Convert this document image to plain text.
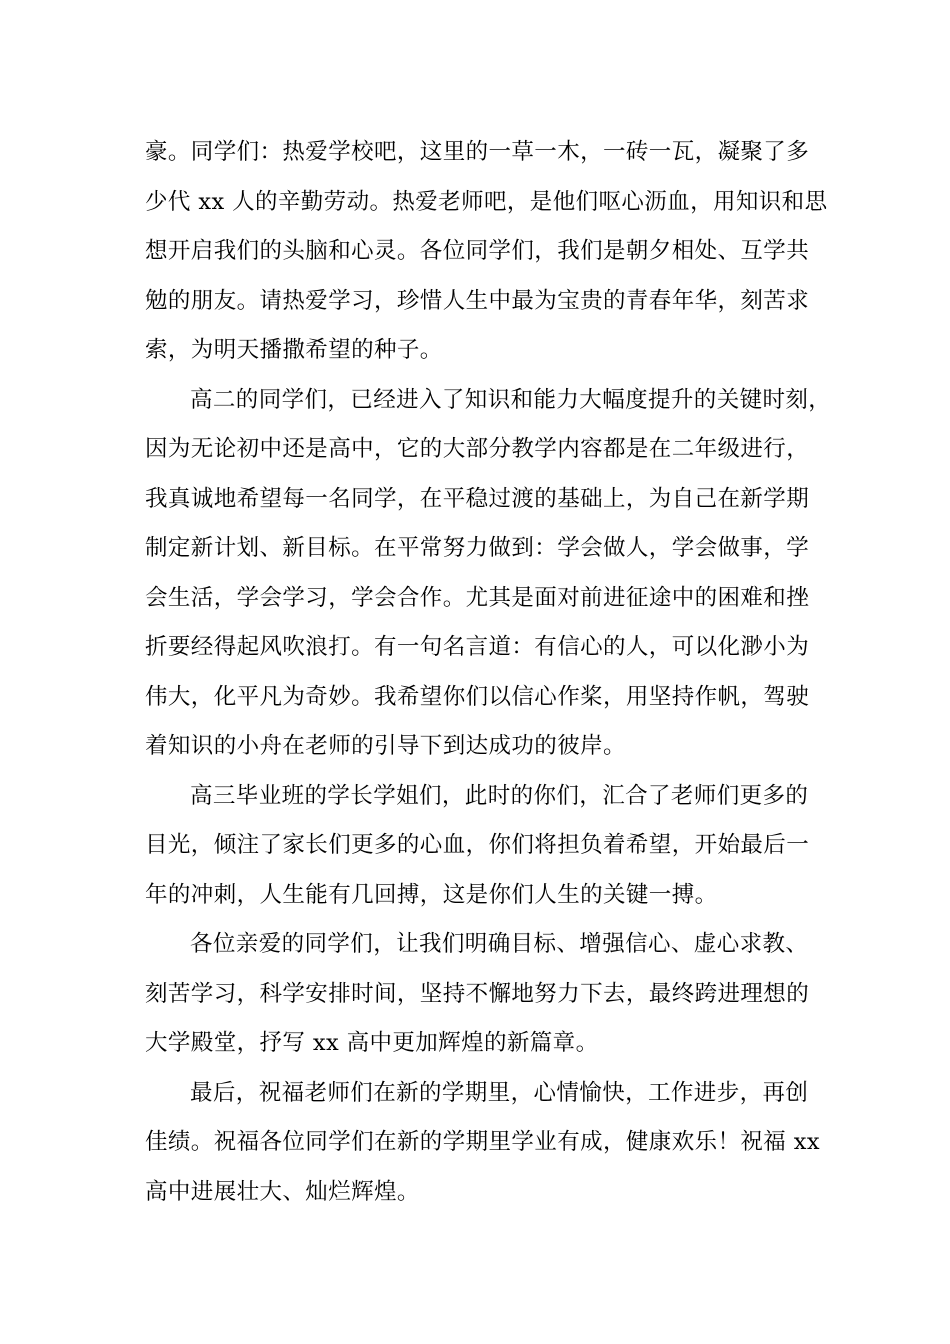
豪。同学们：热爱学校吧，这里的一草一木，一砖一瓦，凝聚了多
少代 xx 人的辛勤劳动。热爱老师吧，是他们呕心沥血，用知识和思
想开启我们的头脑和心灵。各位同学们，我们是朝夕相处、互学共
勉的朋友。请热爱学习，珍惜人生中最为宝贵的青春年华，刻苦求
索，为明天播撒希望的种子。
高二的同学们，已经进入了知识和能力大幅度提升的关键时刻，
因为无论初中还是高中，它的大部分教学内容都是在二年级进行，
我真诚地希望每一名同学，在平稳过渡的基础上，为自己在新学期
制定新计划、新目标。在平常努力做到：学会做人，学会做事，学
会生活，学会学习，学会合作。尤其是面对前进征途中的困难和挫
折要经得起风吹浪打。有一句名言道：有信心的人，可以化渺小为
伟大，化平凡为奇妙。我希望你们以信心作桨，用坚持作帆，驾驶
着知识的小舟在老师的引导下到达成功的彼岸。
高三毕业班的学长学姐们，此时的你们，汇合了老师们更多的
目光，倾注了家长们更多的心血，你们将担负着希望，开始最后一
年的冲刺，人生能有几回搏，这是你们人生的关键一搏。
各位亲爱的同学们，让我们明确目标、增强信心、虚心求教、
刻苦学习，科学安排时间，坚持不懈地努力下去，最终跨进理想的
大学殿堂，抒写 xx 高中更加辉煌的新篇章。
最后，祝福老师们在新的学期里，心情愉快，工作进步，再创
佳绩。祝福各位同学们在新的学期里学业有成，健康欢乐！祝福 xx
高中进展壮大、灿烂辉煌。
